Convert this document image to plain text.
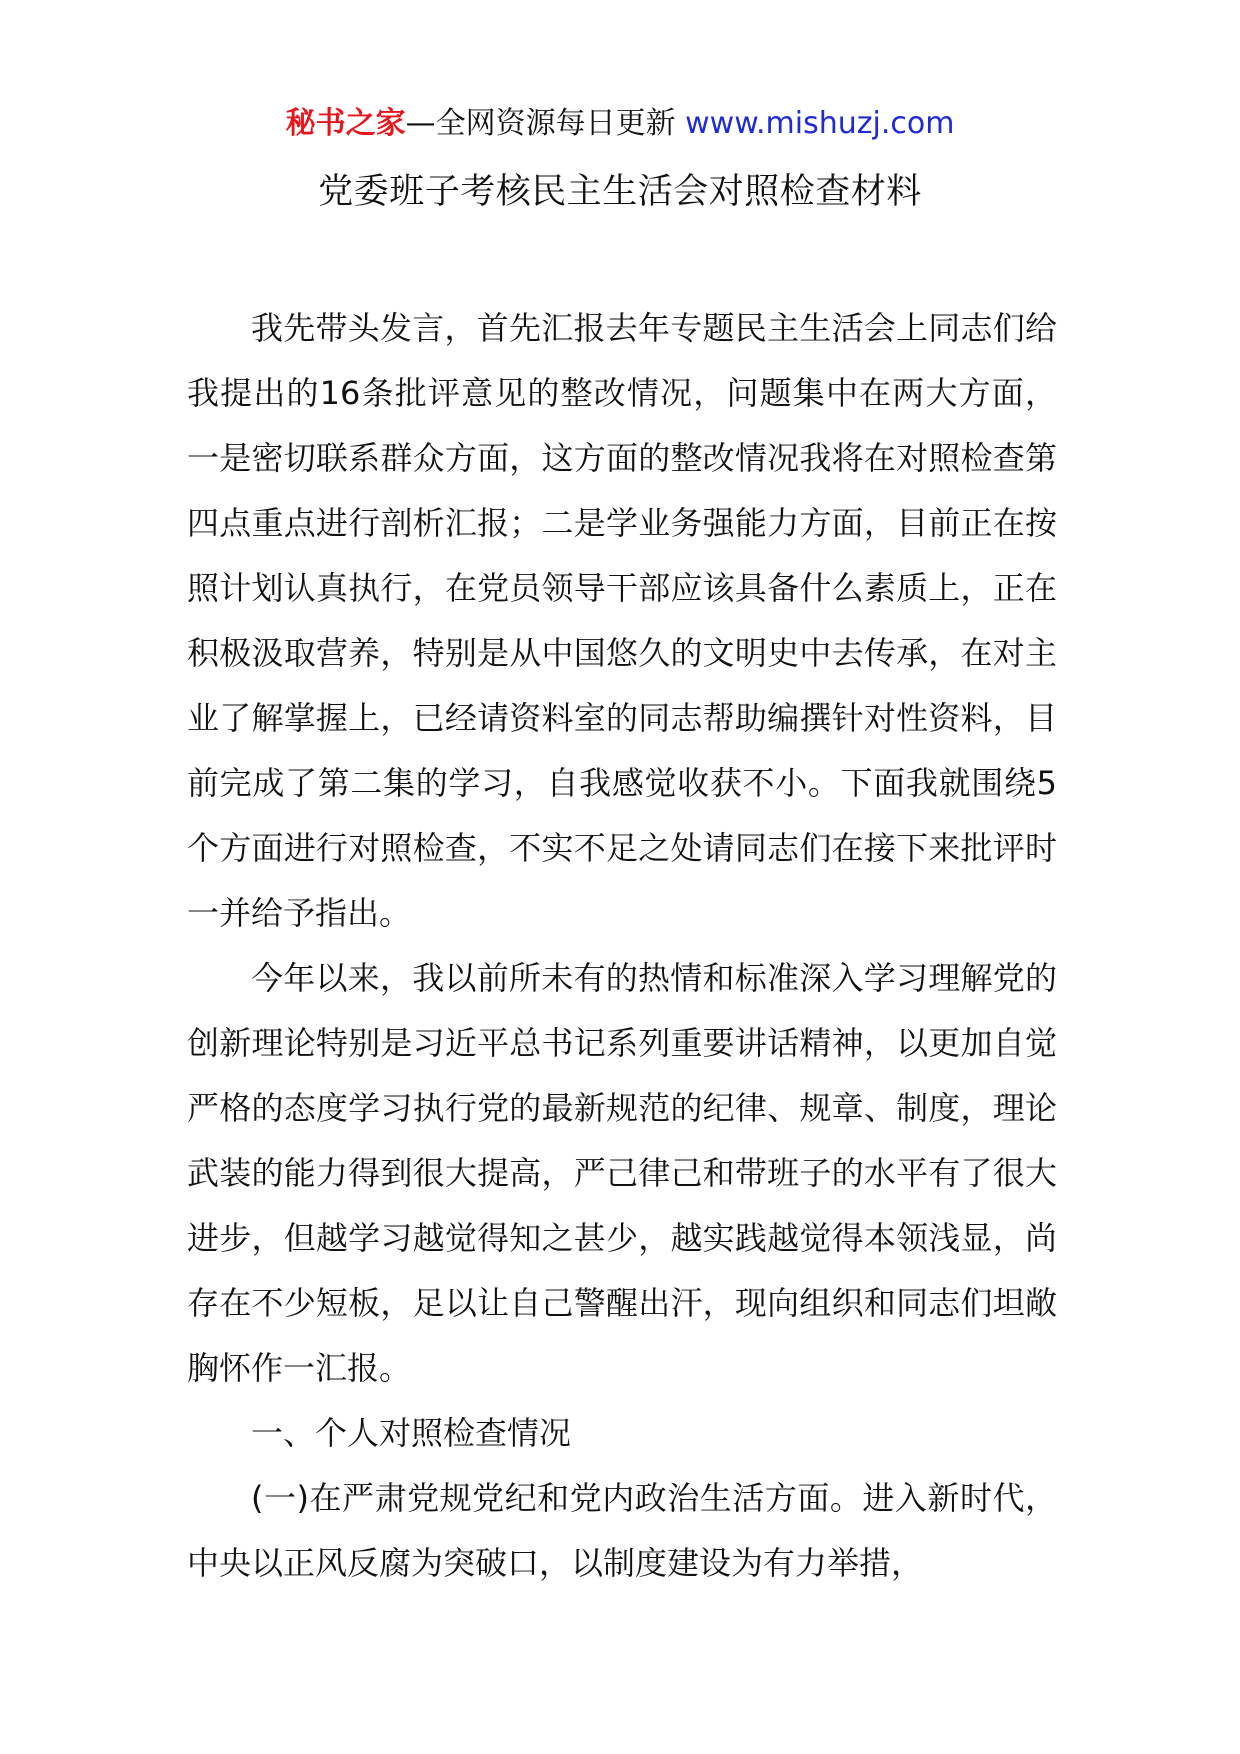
秘书之家—全网资源每日更新 www.mishuzj.com
党委班子考核民主生活会对照检查材料

我先带头发言，首先汇报去年专题民主生活会上同志们给我提出的16条批评意见的整改情况，问题集中在两大方面，一是密切联系群众方面，这方面的整改情况我将在对照检查第四点重点进行剖析汇报；二是学业务强能力方面，目前正在按照计划认真执行，在党员领导干部应该具备什么素质上，正在积极汲取营养，特别是从中国悠久的文明史中去传承，在对主业了解掌握上，已经请资料室的同志帮助编撰针对性资料，目前完成了第二集的学习，自我感觉收获不小。下面我就围绕5个方面进行对照检查，不实不足之处请同志们在接下来批评时一并给予指出。

今年以来，我以前所未有的热情和标准深入学习理解党的创新理论特别是习近平总书记系列重要讲话精神，以更加自觉严格的态度学习执行党的最新规范的纪律、规章、制度，理论武装的能力得到很大提高，严己律己和带班子的水平有了很大进步，但越学习越觉得知之甚少，越实践越觉得本领浅显，尚存在不少短板，足以让自己警醒出汗，现向组织和同志们坦敞胸怀作一汇报。

一、个人对照检查情况

(一)在严肃党规党纪和党内政治生活方面。进入新时代，中央以正风反腐为突破口，以制度建设为有力举措，
